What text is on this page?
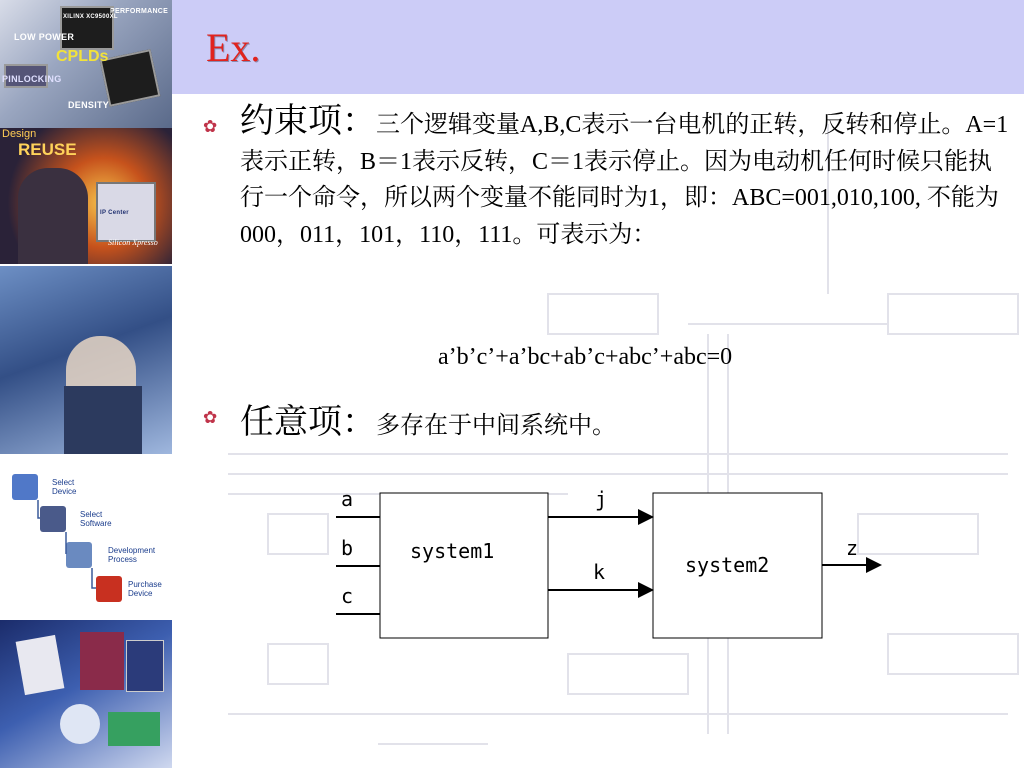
LOW POWER
CPLDs
PINLOCKING
DENSITY
PERFORMANCE
XILINX XC9500XL
IP Center
Design
REUSE
Silicon Xpresso
Select
Device
Select
Software
Development
Process
Purchase
Device
Ex.
✿ 约束项：三个逻辑变量A,B,C表示一台电机的正转，反转和停止。A=1表示正转，B＝1表示反转，C＝1表示停止。因为电动机任何时候只能执行一个命令，所以两个变量不能同时为1，即：ABC=001,010,100, 不能为000，011，101，110，111。可表示为：
a’b’c’+a’bc+ab’c+abc’+abc=0
✿ 任意项：多存在于中间系统中。
system1
system2
a
b
c
j
k
z
